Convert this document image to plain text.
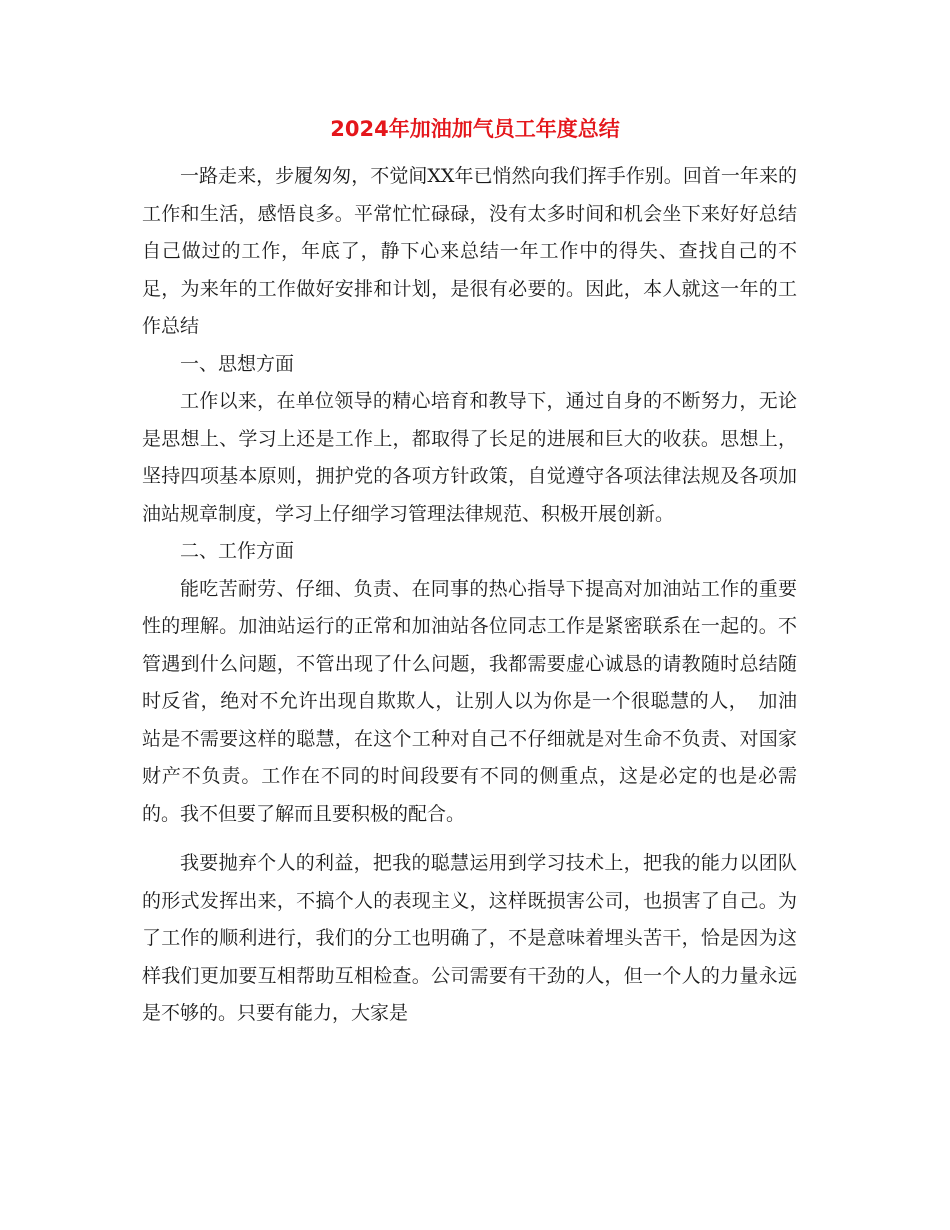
2024年加油加气员工年度总结

一路走来，步履匆匆，不觉间XX年已悄然向我们挥手作别。回首一年来的工作和生活，感悟良多。平常忙忙碌碌，没有太多时间和机会坐下来好好总结自己做过的工作，年底了，静下心来总结一年工作中的得失、查找自己的不足，为来年的工作做好安排和计划，是很有必要的。因此，本人就这一年的工作总结

一、思想方面

工作以来，在单位领导的精心培育和教导下，通过自身的不断努力，无论是思想上、学习上还是工作上，都取得了长足的进展和巨大的收获。思想上，坚持四项基本原则，拥护党的各项方针政策，自觉遵守各项法律法规及各项加油站规章制度，学习上仔细学习管理法律规范、积极开展创新。

二、工作方面

能吃苦耐劳、仔细、负责、在同事的热心指导下提高对加油站工作的重要性的理解。加油站运行的正常和加油站各位同志工作是紧密联系在一起的。不管遇到什么问题，不管出现了什么问题，我都需要虚心诚恳的请教随时总结随时反省，绝对不允许出现自欺欺人，让别人以为你是一个很聪慧的人，　加油站是不需要这样的聪慧，在这个工种对自己不仔细就是对生命不负责、对国家财产不负责。工作在不同的时间段要有不同的侧重点，这是必定的也是必需的。我不但要了解而且要积极的配合。

我要抛弃个人的利益，把我的聪慧运用到学习技术上，把我的能力以团队的形式发挥出来，不搞个人的表现主义，这样既损害公司，也损害了自己。为了工作的顺利进行，我们的分工也明确了，不是意味着埋头苦干，恰是因为这样我们更加要互相帮助互相检查。公司需要有干劲的人，但一个人的力量永远是不够的。只要有能力，大家是
